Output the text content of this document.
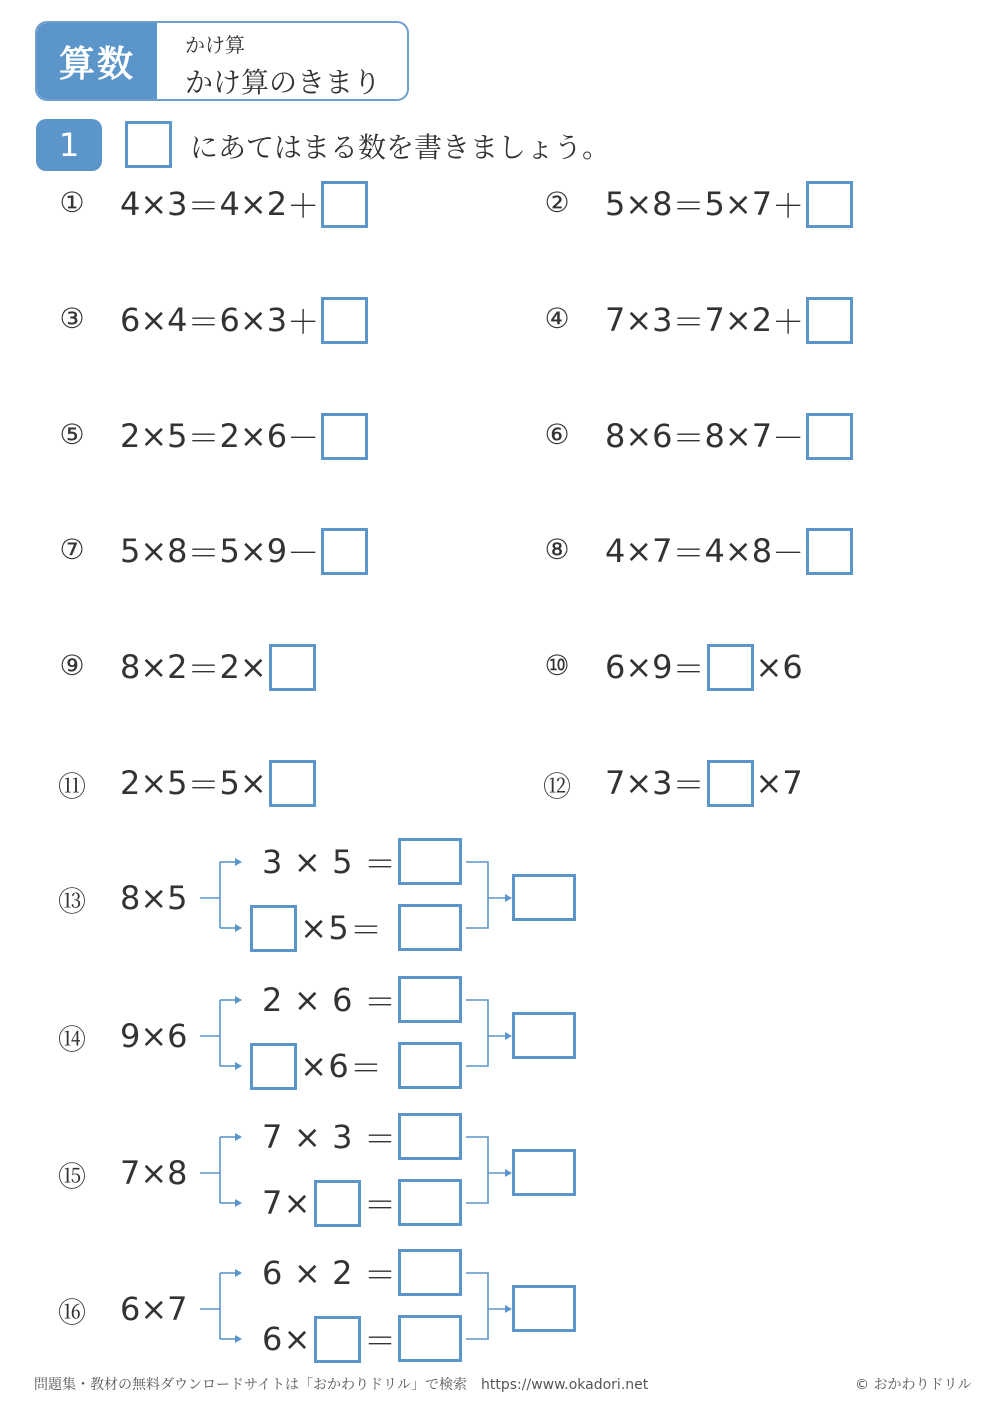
算数	かけ算
かけ算のきまり
1	にあてはまる数を書きましょう。
① 4 × 3 ＝ 4 × 2 ＋	② 5 × 8 ＝ 5 × 7 ＋
③ 6 × 4 ＝ 6 × 3 ＋	④ 7 × 3 ＝ 7 × 2 ＋
⑤ 2 × 5 ＝ 2 × 6 －	⑥ 8 × 6 ＝ 8 × 7 －
⑦ 5 × 8 ＝ 5 × 9 －	⑧ 4 × 7 ＝ 4 × 8 －
⑨ 8 × 2 ＝ 2 ×	⑩ 6 × 9 ＝ × 6
⑪ 2 × 5 ＝ 5 ×	⑫ 7 × 3 ＝ × 7
⑬ 8 × 5
3 × 5 ＝
× 5 ＝
⑭ 9 × 6
2 × 6 ＝
× 6 ＝
⑮ 7 × 8
7 × 3 ＝
7 × ＝
⑯ 6 × 7
6 × 2 ＝
6 × ＝
問題集・教材の無料ダウンロードサイトは「おかわりドリル」で検索　https://www.okadori.net	© おかわりドリル
